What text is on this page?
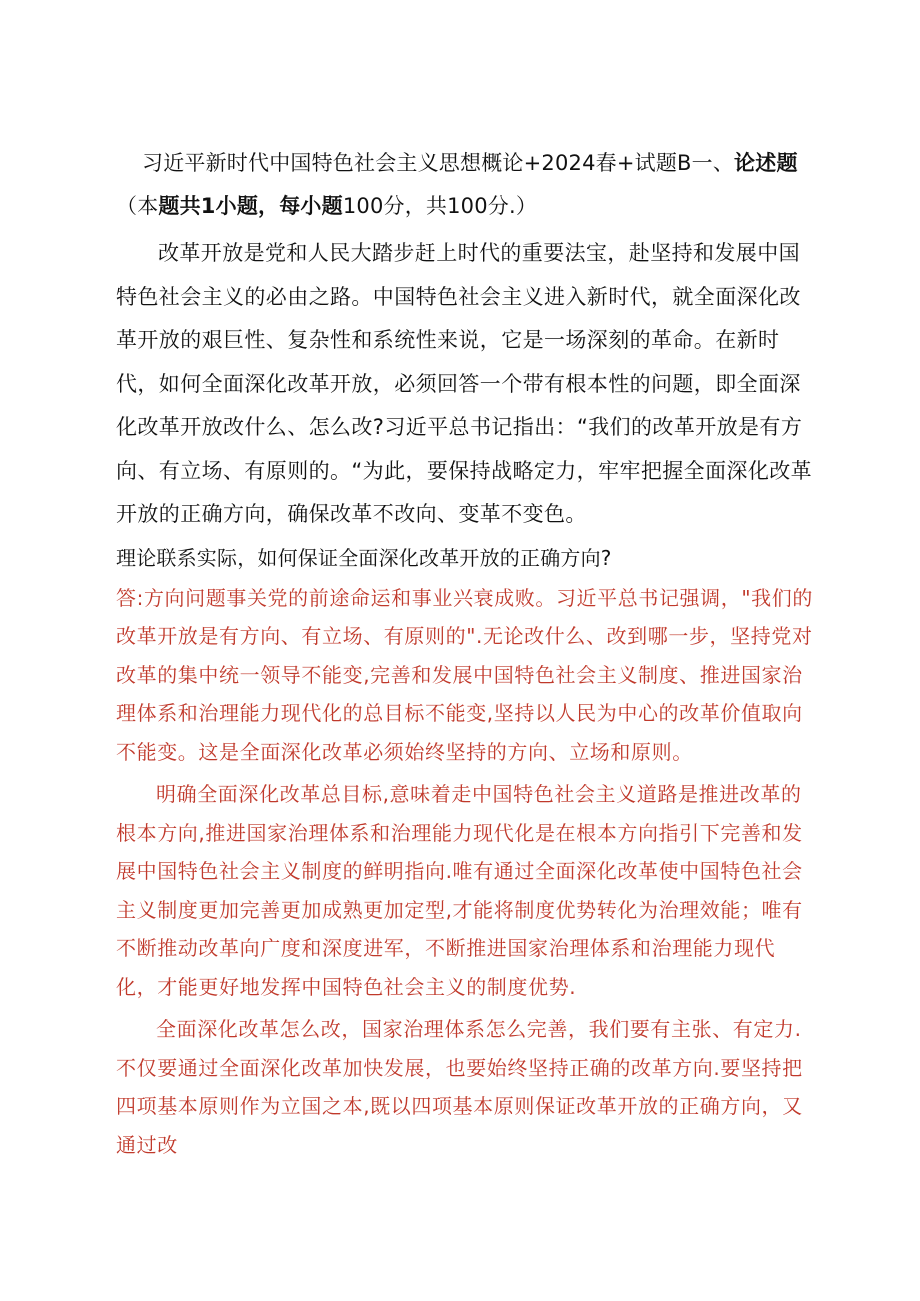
习近平新时代中国特色社会主义思想概论+2024春+试题B一、论述题（本题共1小题，每小题100分，共100分.）

改革开放是党和人民大踏步赶上时代的重要法宝，赴坚持和发展中国特色社会主义的必由之路。中国特色社会主义进入新时代，就全面深化改革开放的艰巨性、复杂性和系统性来说，它是一场深刻的革命。在新时代，如何全面深化改革开放，必须回答一个带有根本性的问题，即全面深化改革开放改什么、怎么改?习近平总书记指出：“我们的改革开放是有方向、有立场、有原则的。“为此，要保持战略定力，牢牢把握全面深化改革开放的正确方向，确保改革不改向、变革不变色。

理论联系实际，如何保证全面深化改革开放的正确方向?

答:方向问题事关党的前途命运和事业兴衰成败。习近平总书记强调，"我们的改革开放是有方向、有立场、有原则的".无论改什么、改到哪一步，坚持党对改革的集中统一领导不能变,完善和发展中国特色社会主义制度、推进国家治理体系和治理能力现代化的总目标不能变,坚持以人民为中心的改革价值取向不能变。这是全面深化改革必须始终坚持的方向、立场和原则。

明确全面深化改革总目标,意味着走中国特色社会主义道路是推进改革的根本方向,推进国家治理体系和治理能力现代化是在根本方向指引下完善和发展中国特色社会主义制度的鲜明指向.唯有通过全面深化改革使中国特色社会主义制度更加完善更加成熟更加定型,才能将制度优势转化为治理效能；唯有不断推动改革向广度和深度进军，不断推进国家治理体系和治理能力现代化，才能更好地发挥中国特色社会主义的制度优势.

全面深化改革怎么改，国家治理体系怎么完善，我们要有主张、有定力.不仅要通过全面深化改革加快发展，也要始终坚持正确的改革方向.要坚持把四项基本原则作为立国之本,既以四项基本原则保证改革开放的正确方向，又通过改
